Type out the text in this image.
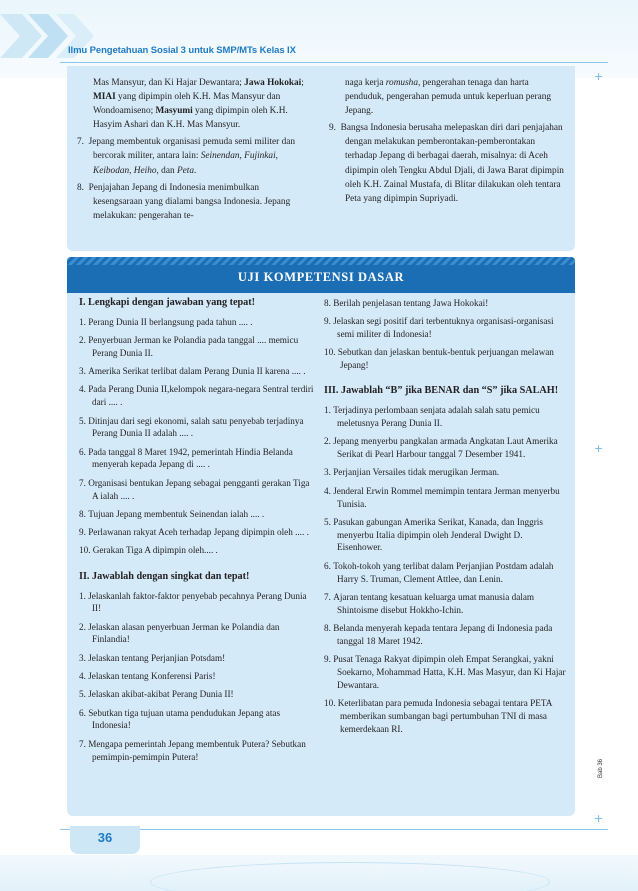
Ilmu Pengetahuan Sosial 3 untuk SMP/MTs Kelas IX
+
+
+

Mas Mansyur, dan Ki Hajar Dewantara; Jawa Hokokai; MIAI yang dipimpin oleh K.H. Mas Mansyur dan Wondoamiseno; Masyumi yang dipimpin oleh K.H. Hasyim Ashari dan K.H. Mas Mansyur.

7.  Jepang membentuk organisasi pemuda semi militer dan bercorak militer, antara lain: Seinendan, Fujinkai, Keibodan, Heiho, dan Peta.

8.  Penjajahan Jepang di Indonesia menimbulkan kesengsaraan yang dialami bangsa Indonesia. Jepang melakukan: pengerahan te-

naga kerja romusha, pengerahan tenaga dan harta penduduk, pengerahan pemuda untuk keperluan perang Jepang.

9.  Bangsa Indonesia berusaha melepaskan diri dari penjajahan dengan melakukan pemberontakan-pemberontakan terhadap Jepang di berbagai daerah, misalnya: di Aceh dipimpin oleh Tengku Abdul Djali, di Jawa Barat dipimpin oleh K.H. Zainal Mustafa, di Blitar dilakukan oleh tentara Peta yang dipimpin Supriyadi.

UJI KOMPETENSI DASAR
I. Lengkapi dengan jawaban yang tepat!
1. Perang Dunia II berlangsung pada tahun .... .
2. Penyerbuan Jerman ke Polandia pada tanggal .... memicu Perang Dunia II.
3. Amerika Serikat terlibat dalam Perang Dunia II karena .... .
4. Pada Perang Dunia II,kelompok negara-negara Sentral terdiri dari .... .
5. Ditinjau dari segi ekonomi, salah satu penyebab terjadinya Perang Dunia II adalah .... .
6. Pada tanggal 8 Maret 1942, pemerintah Hindia Belanda menyerah kepada Jepang di .... .
7. Organisasi bentukan Jepang sebagai pengganti gerakan Tiga A ialah .... .
8. Tujuan Jepang membentuk Seinendan ialah .... .
9. Perlawanan rakyat Aceh terhadap Jepang dipimpin oleh .... .
10. Gerakan Tiga A dipimpin oleh.... .
II. Jawablah dengan singkat dan tepat!
1. Jelaskanlah faktor-faktor penyebab pecahnya Perang Dunia II!
2. Jelaskan alasan penyerbuan Jerman ke Polandia dan Finlandia!
3. Jelaskan tentang Perjanjian Potsdam!
4. Jelaskan tentang Konferensi Paris!
5. Jelaskan akibat-akibat Perang Dunia II!
6. Sebutkan tiga tujuan utama pendudukan Jepang atas Indonesia!
7. Mengapa pemerintah Jepang membentuk Putera? Sebutkan pemimpin-pemimpin Putera!
8. Berilah penjelasan tentang Jawa Hokokai!
9. Jelaskan segi positif dari terbentuknya organisasi-organisasi semi militer di Indonesia!
10. Sebutkan dan jelaskan bentuk-bentuk perjuangan melawan Jepang!
III. Jawablah “B” jika BENAR dan “S” jika SALAH!
1. Terjadinya perlombaan senjata adalah salah satu pemicu meletusnya Perang Dunia II.
2. Jepang menyerbu pangkalan armada Angkatan Laut Amerika Serikat di Pearl Harbour tanggal 7 Desember 1941.
3. Perjanjian Versailes tidak merugikan Jerman.
4. Jenderal Erwin Rommel memimpin tentara Jerman menyerbu Tunisia.
5. Pasukan gabungan Amerika Serikat, Kanada, dan Inggris menyerbu Italia dipimpin oleh Jenderal Dwight D. Eisenhower.
6. Tokoh-tokoh yang terlibat dalam Perjanjian Postdam adalah Harry S. Truman, Clement Attlee, dan Lenin.
7. Ajaran tentang kesatuan keluarga umat manusia dalam Shintoisme disebut Hokkho-Ichin.
8. Belanda menyerah kepada tentara Jepang di Indonesia pada tanggal 18 Maret 1942.
9. Pusat Tenaga Rakyat dipimpin oleh Empat Serangkai, yakni Soekarno, Mohammad Hatta, K.H. Mas Masyur, dan Ki Hajar Dewantara.
10. Keterlibatan para pemuda Indonesia sebagai tentara PETA memberikan sumbangan bagi pertumbuhan TNI di masa kemerdekaan RI.
Bab 36
36
